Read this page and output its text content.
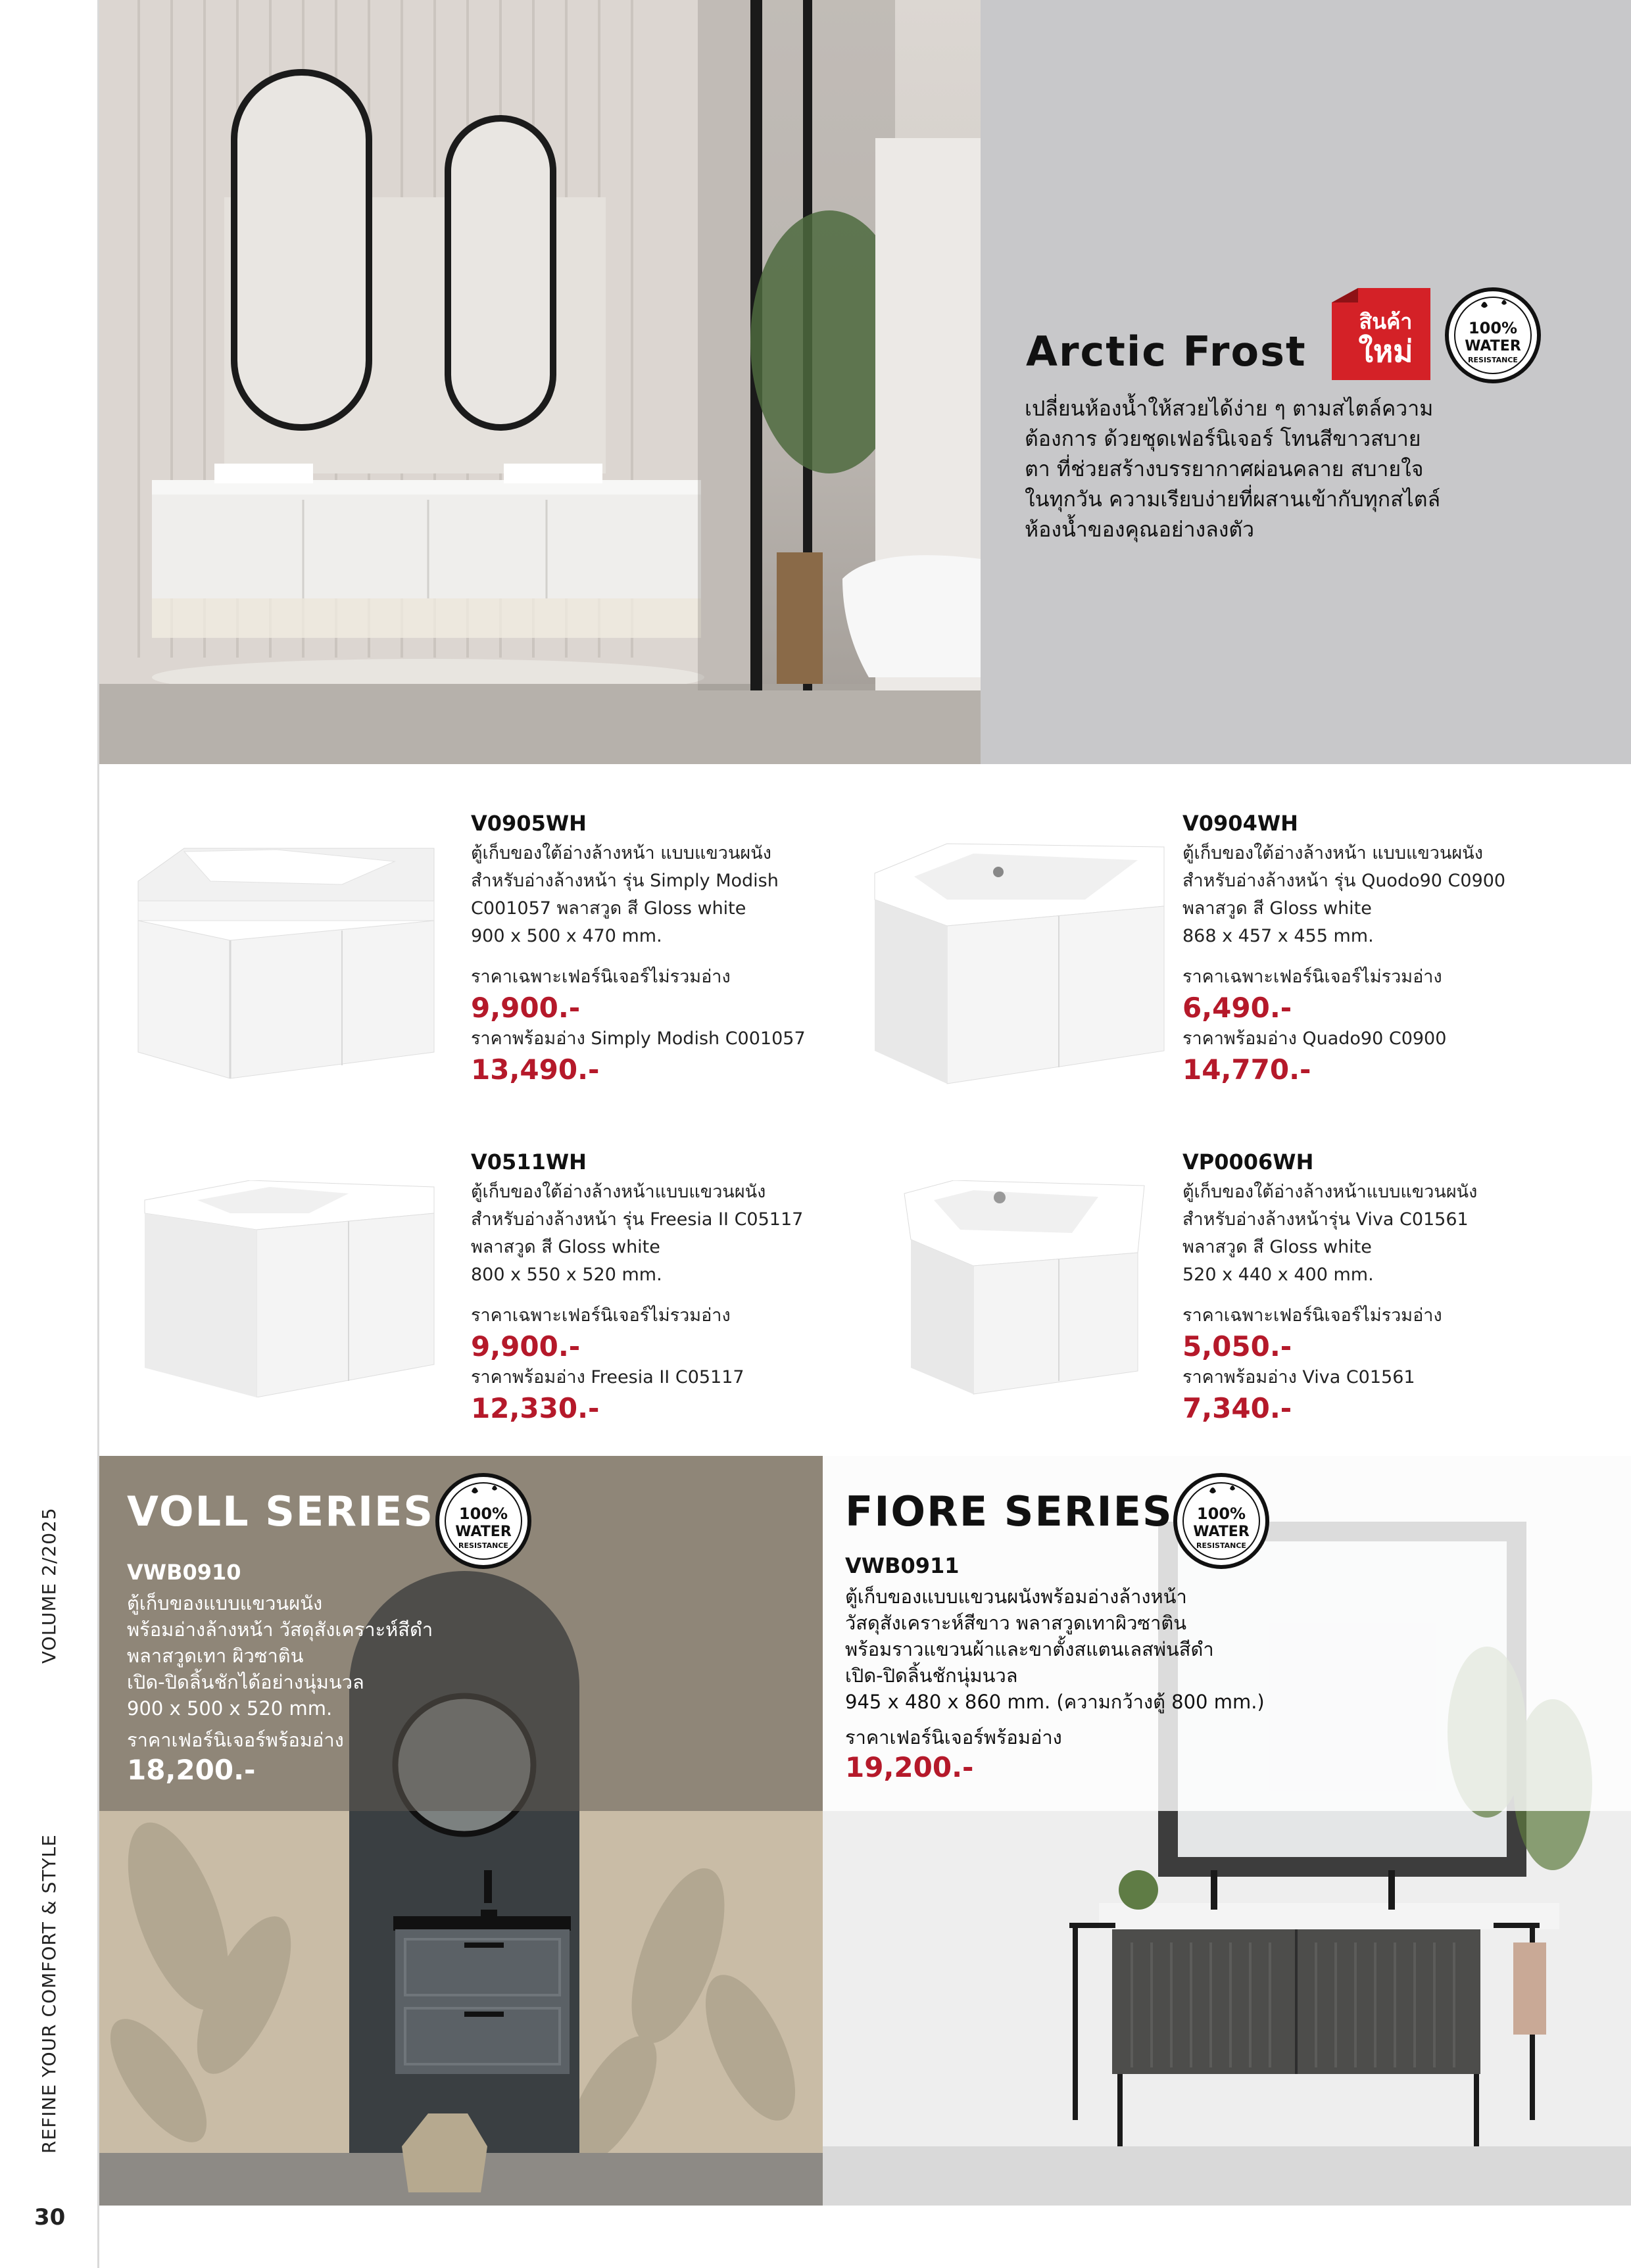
VOLUME 2/2025
REFINE YOUR COMFORT & STYLE
30
Arctic Frost
สินค้า
ใหม่
100%
WATER
RESISTANCE
เปลี่ยนห้องน้ำให้สวยได้ง่าย ๆ ตามสไตล์ความ
ต้องการ ด้วยชุดเฟอร์นิเจอร์ โทนสีขาวสบาย
ตา ที่ช่วยสร้างบรรยากาศผ่อนคลาย สบายใจ
ในทุกวัน ความเรียบง่ายที่ผสานเข้ากับทุกสไตล์
ห้องน้ำของคุณอย่างลงตัว
V0905WH
ตู้เก็บของใต้อ่างล้างหน้า แบบแขวนผนัง
สำหรับอ่างล้างหน้า รุ่น Simply Modish
C001057 พลาสวูด สี Gloss white
900 x 500 x 470 mm.
ราคาเฉพาะเฟอร์นิเจอร์ไม่รวมอ่าง
9,900.-
ราคาพร้อมอ่าง Simply Modish C001057
13,490.-
V0904WH
ตู้เก็บของใต้อ่างล้างหน้า แบบแขวนผนัง
สำหรับอ่างล้างหน้า รุ่น Quodo90 C0900
พลาสวูด สี Gloss white
868 x 457 x 455 mm.
ราคาเฉพาะเฟอร์นิเจอร์ไม่รวมอ่าง
6,490.-
ราคาพร้อมอ่าง Quado90 C0900
14,770.-
V0511WH
ตู้เก็บของใต้อ่างล้างหน้าแบบแขวนผนัง
สำหรับอ่างล้างหน้า รุ่น Freesia II C05117
พลาสวูด สี Gloss white
800 x 550 x 520 mm.
ราคาเฉพาะเฟอร์นิเจอร์ไม่รวมอ่าง
9,900.-
ราคาพร้อมอ่าง Freesia II C05117
12,330.-
VP0006WH
ตู้เก็บของใต้อ่างล้างหน้าแบบแขวนผนัง
สำหรับอ่างล้างหน้ารุ่น Viva C01561
พลาสวูด สี Gloss white
520 x 440 x 400 mm.
ราคาเฉพาะเฟอร์นิเจอร์ไม่รวมอ่าง
5,050.-
ราคาพร้อมอ่าง Viva C01561
7,340.-
VOLL SERIES 100%
WATER
RESISTANCE
VWB0910
ตู้เก็บของแบบแขวนผนัง
พร้อมอ่างล้างหน้า วัสดุสังเคราะห์สีดำ
พลาสวูดเทา ผิวซาติน
เปิด-ปิดลิ้นชักได้อย่างนุ่มนวล
900 x 500 x 520 mm.
ราคาเฟอร์นิเจอร์พร้อมอ่าง
18,200.-
FIORE SERIES 100%
WATER
RESISTANCE
VWB0911
ตู้เก็บของแบบแขวนผนังพร้อมอ่างล้างหน้า
วัสดุสังเคราะห์สีขาว พลาสวูดเทาผิวซาติน
พร้อมราวแขวนผ้าและขาตั้งสแตนเลสพ่นสีดำ
เปิด-ปิดลิ้นชักนุ่มนวล
945 x 480 x 860 mm. (ความกว้างตู้ 800 mm.)
ราคาเฟอร์นิเจอร์พร้อมอ่าง
19,200.-
